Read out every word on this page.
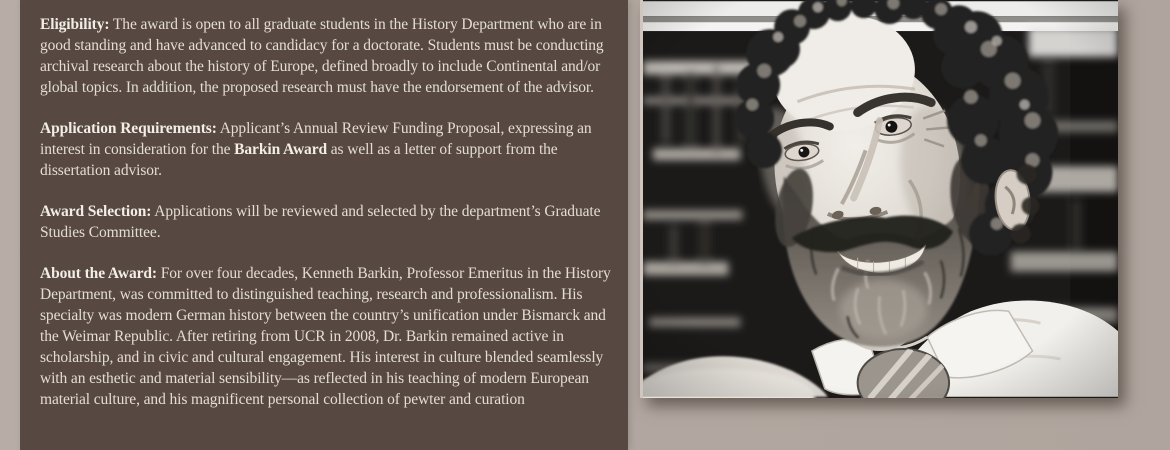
Eligibility: The award is open to all graduate students in the History Department who are in good standing and have advanced to candidacy for a doctorate. Students must be conducting archival research about the history of Europe, defined broadly to include Continental and/or global topics. In addition, the proposed research must have the endorsement of the advisor.

Application Requirements: Applicant’s Annual Review Funding Proposal, expressing an interest in consideration for the Barkin Award as well as a letter of support from the dissertation advisor.

Award Selection: Applications will be reviewed and selected by the department’s Graduate Studies Committee.

About the Award: For over four decades, Kenneth Barkin, Professor Emeritus in the History Department, was committed to distinguished teaching, research and professionalism. His specialty was modern German history between the country’s unification under Bismarck and the Weimar Republic. After retiring from UCR in 2008, Dr. Barkin remained active in scholarship, and in civic and cultural engagement. His interest in culture blended seamlessly with an esthetic and material sensibility—as reflected in his teaching of modern European material culture, and his magnificent personal collection of pewter and curation
